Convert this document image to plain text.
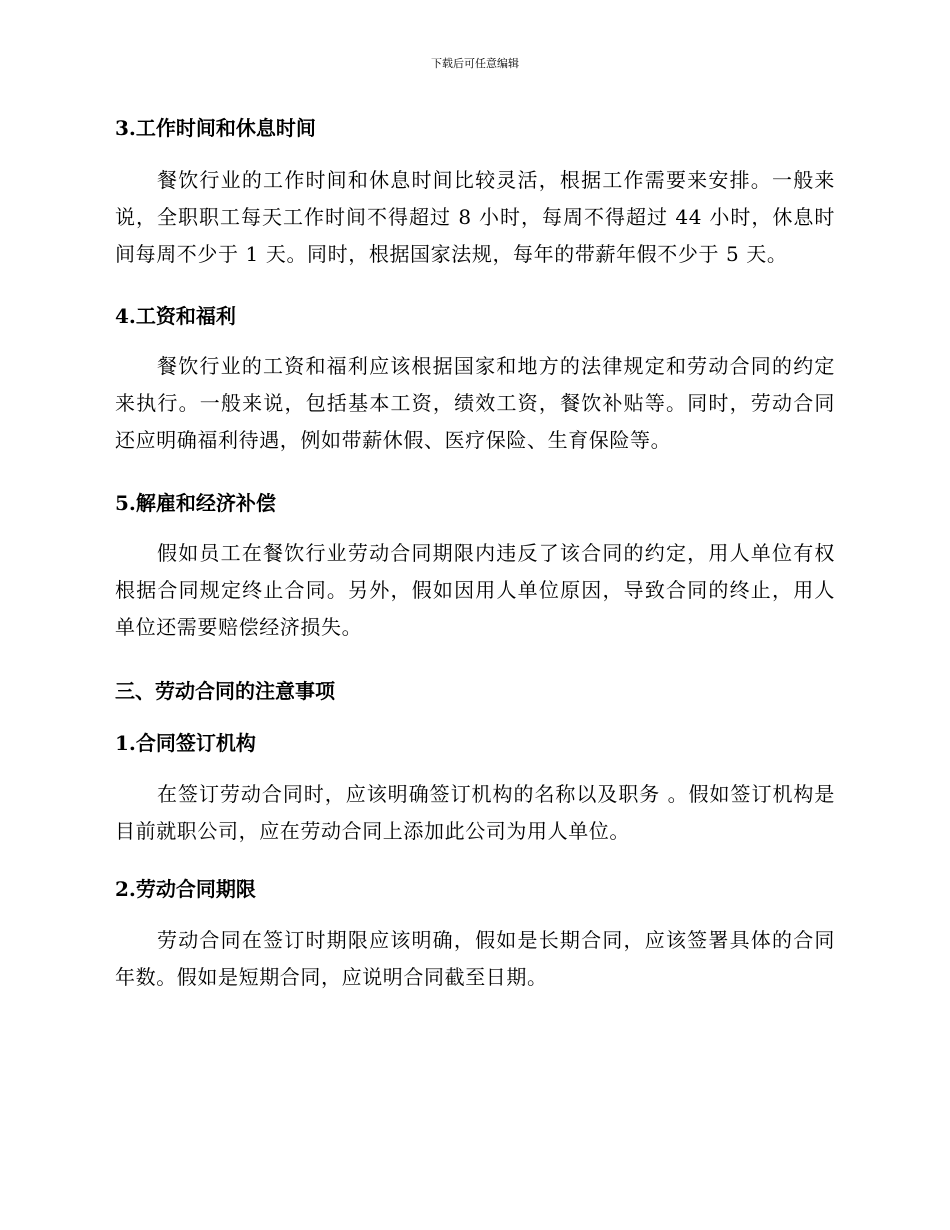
下载后可任意编辑

3.工作时间和休息时间

餐饮行业的工作时间和休息时间比较灵活，根据工作需要来安排。一般来说，全职职工每天工作时间不得超过 8 小时，每周不得超过 44 小时，休息时间每周不少于 1 天。同时，根据国家法规，每年的带薪年假不少于 5 天。

4.工资和福利

餐饮行业的工资和福利应该根据国家和地方的法律规定和劳动合同的约定来执行。一般来说，包括基本工资，绩效工资，餐饮补贴等。同时，劳动合同还应明确福利待遇，例如带薪休假、医疗保险、生育保险等。

5.解雇和经济补偿

假如员工在餐饮行业劳动合同期限内违反了该合同的约定，用人单位有权根据合同规定终止合同。另外，假如因用人单位原因，导致合同的终止，用人单位还需要赔偿经济损失。

三、劳动合同的注意事项

1.合同签订机构

在签订劳动合同时，应该明确签订机构的名称以及职务 。假如签订机构是目前就职公司，应在劳动合同上添加此公司为用人单位。

2.劳动合同期限

劳动合同在签订时期限应该明确，假如是长期合同，应该签署具体的合同年数。假如是短期合同，应说明合同截至日期。
